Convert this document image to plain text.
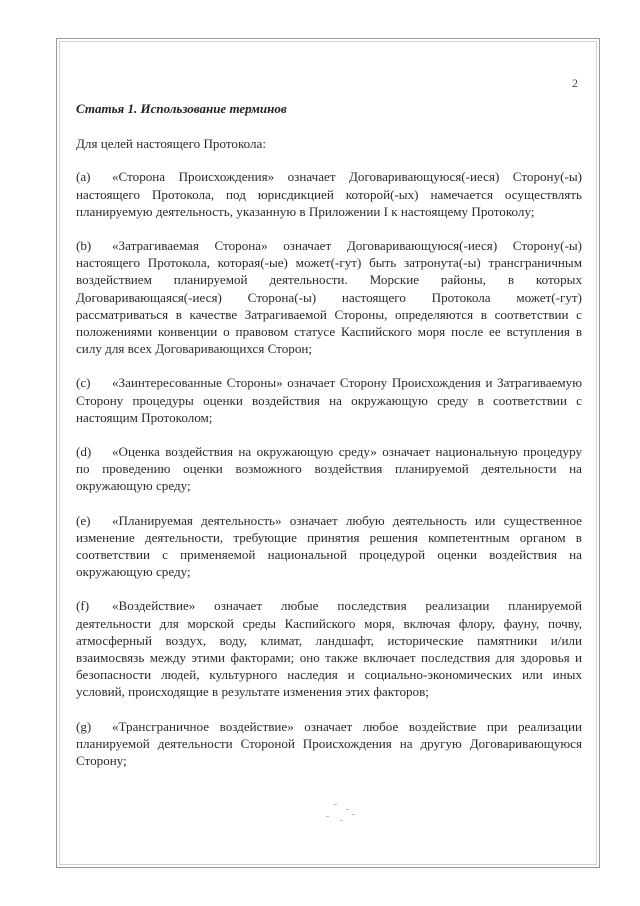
2
Статья 1. Использование терминов
Для целей настоящего Протокола:
(a) «Сторона Происхождения» означает Договаривающуюся(-иеся) Сторону(-ы) настоящего Протокола, под юрисдикцией которой(-ых) намечается осуществлять планируемую деятельность, указанную в Приложении I к настоящему Протоколу;
(b) «Затрагиваемая Сторона» означает Договаривающуюся(-иеся) Сторону(-ы) настоящего Протокола, которая(-ые) может(-гут) быть затронута(-ы) трансграничным воздействием планируемой деятельности. Морские районы, в которых Договаривающаяся(-иеся) Сторона(-ы) настоящего Протокола может(-гут) рассматриваться в качестве Затрагиваемой Стороны, определяются в соответствии с положениями конвенции о правовом статусе Каспийского моря после ее вступления в силу для всех Договаривающихся Сторон;
(c) «Заинтересованные Стороны» означает Сторону Происхождения и Затрагиваемую Сторону процедуры оценки воздействия на окружающую среду в соответствии с настоящим Протоколом;
(d) «Оценка воздействия на окружающую среду» означает национальную процедуру по проведению оценки возможного воздействия планируемой деятельности на окружающую среду;
(e) «Планируемая деятельность» означает любую деятельность или существенное изменение деятельности, требующие принятия решения компетентным органом в соответствии с применяемой национальной процедурой оценки воздействия на окружающую среду;
(f) «Воздействие» означает любые последствия реализации планируемой деятельности для морской среды Каспийского моря, включая флору, фауну, почву, атмосферный воздух, воду, климат, ландшафт, исторические памятники и/или взаимосвязь между этими факторами; оно также включает последствия для здоровья и безопасности людей, культурного наследия и социально-экономических или иных условий, происходящие в результате изменения этих факторов;
(g) «Трансграничное воздействие» означает любое воздействие при реализации планируемой деятельности Стороной Происхождения на другую Договаривающуюся Сторону;
